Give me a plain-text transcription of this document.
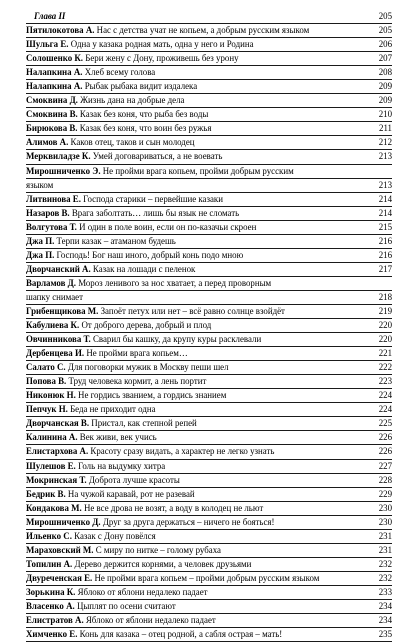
Глава II	205
Пятилокотова А. Нас с детства учат не копьем, а добрым русским языком	205
Шульга Е. Одна у казака родная мать, одна у него и Родина	206
Солошенко К. Бери жену с Дону, проживешь без урону	207
Налапкина А. Хлеб всему голова	208
Налапкина А. Рыбак рыбака видит издалека	209
Смоквина Д. Жизнь дана на добрые дела	209
Смоквина В. Казак без коня, что рыба без воды	210
Бирюкова В. Казак без коня, что воин без ружья	211
Алимов А. Каков отец, таков и сын молодец	212
Мерквиладзе К. Умей договариваться, а не воевать	213
Мирошниченко Э. Не пройми врага копьем, пройми добрым русским
языком	213
Литвинова Е. Господа старики – первейшие казаки	214
Назаров В. Врага заболтать… лишь бы язык не сломать	214
Волгутова Т. И один в поле воин, если он по-казачьи скроен	215
Джа П. Терпи казак – атаманом будешь	216
Джа П. Господь! Бог наш иного, добрый конь подо мною	216
Дворчанский А. Казак на лошади с пеленок	217
Варламов Д. Мороз ленивого за нос хватает, а перед проворным
шапку снимает	218
Грибенщикова М. Запоёт петух или нет – всё равно солнце взойдёт	219
Кабулиева К. От доброго дерева, добрый и плод	220
Овчинникова Т. Сварил бы кашку, да крупу куры расклевали	220
Дербенцева И. Не пройми врага копьем…	221
Салато С. Для поговорки мужик в Москву пеши шел	222
Попова В. Труд человека кормит, а лень портит	223
Никонюк Н. Не гордись званием, а гордись знанием	224
Пепчук Н. Беда не приходит одна	224
Дворчанская В. Пристал, как степной репей	225
Калинина А. Век живи, век учись	226
Елистархова А. Красоту сразу видать, а характер не легко узнать	226
Шулешов Е. Голь на выдумку хитра	227
Мокринская Т. Доброта лучше красоты	228
Бедрик В. На чужой каравай, рот не разевай	229
Кондакова М. Не все дрова не возят, а воду в колодец не льют	230
Мирошниченко Д. Друг за друга держаться – ничего не бояться!	230
Ильенко С. Казак с Дону повёлся	231
Мараховский М. С миру по нитке – голому рубаха	231
Топилин А. Дерево держится корнями, а человек друзьями	232
Двуреченская Е. Не пройми врага копьем – пройми добрым русским языком	232
Зорькина К. Яблоко от яблони недалеко падает	233
Власенко А. Цыплят по осени считают	234
Елистратов А. Яблоко от яблони недалеко падает	234
Химченко Е. Конь для казака – отец родной, а сабля острая – мать!	235
